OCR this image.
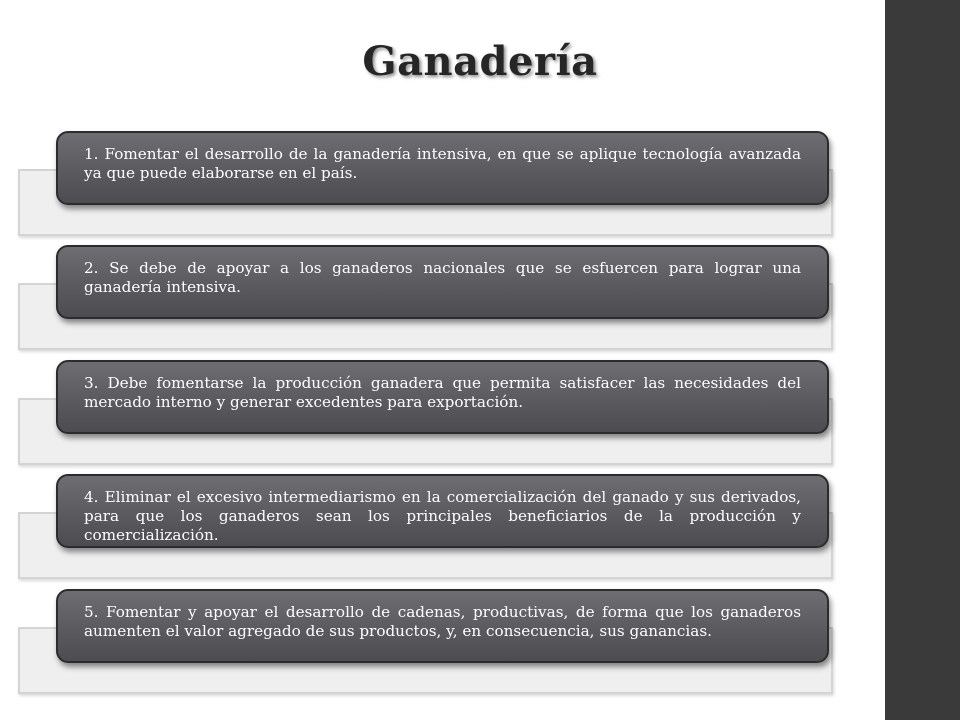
Ganadería

1. Fomentar el desarrollo de la ganadería intensiva, en que se aplique tecnología avanzada ya que puede elaborarse en el país.

2. Se debe de apoyar a los ganaderos nacionales que se esfuercen para lograr una ganadería intensiva.

3. Debe fomentarse la producción ganadera que permita satisfacer las necesidades del mercado interno y generar excedentes para exportación.

4. Eliminar el excesivo intermediarismo en la comercialización del ganado y sus derivados, para que los ganaderos sean los principales beneficiarios de la producción y comercialización.

5. Fomentar y apoyar el desarrollo de cadenas, productivas, de forma que los ganaderos aumenten el valor agregado de sus productos, y, en consecuencia, sus ganancias.
